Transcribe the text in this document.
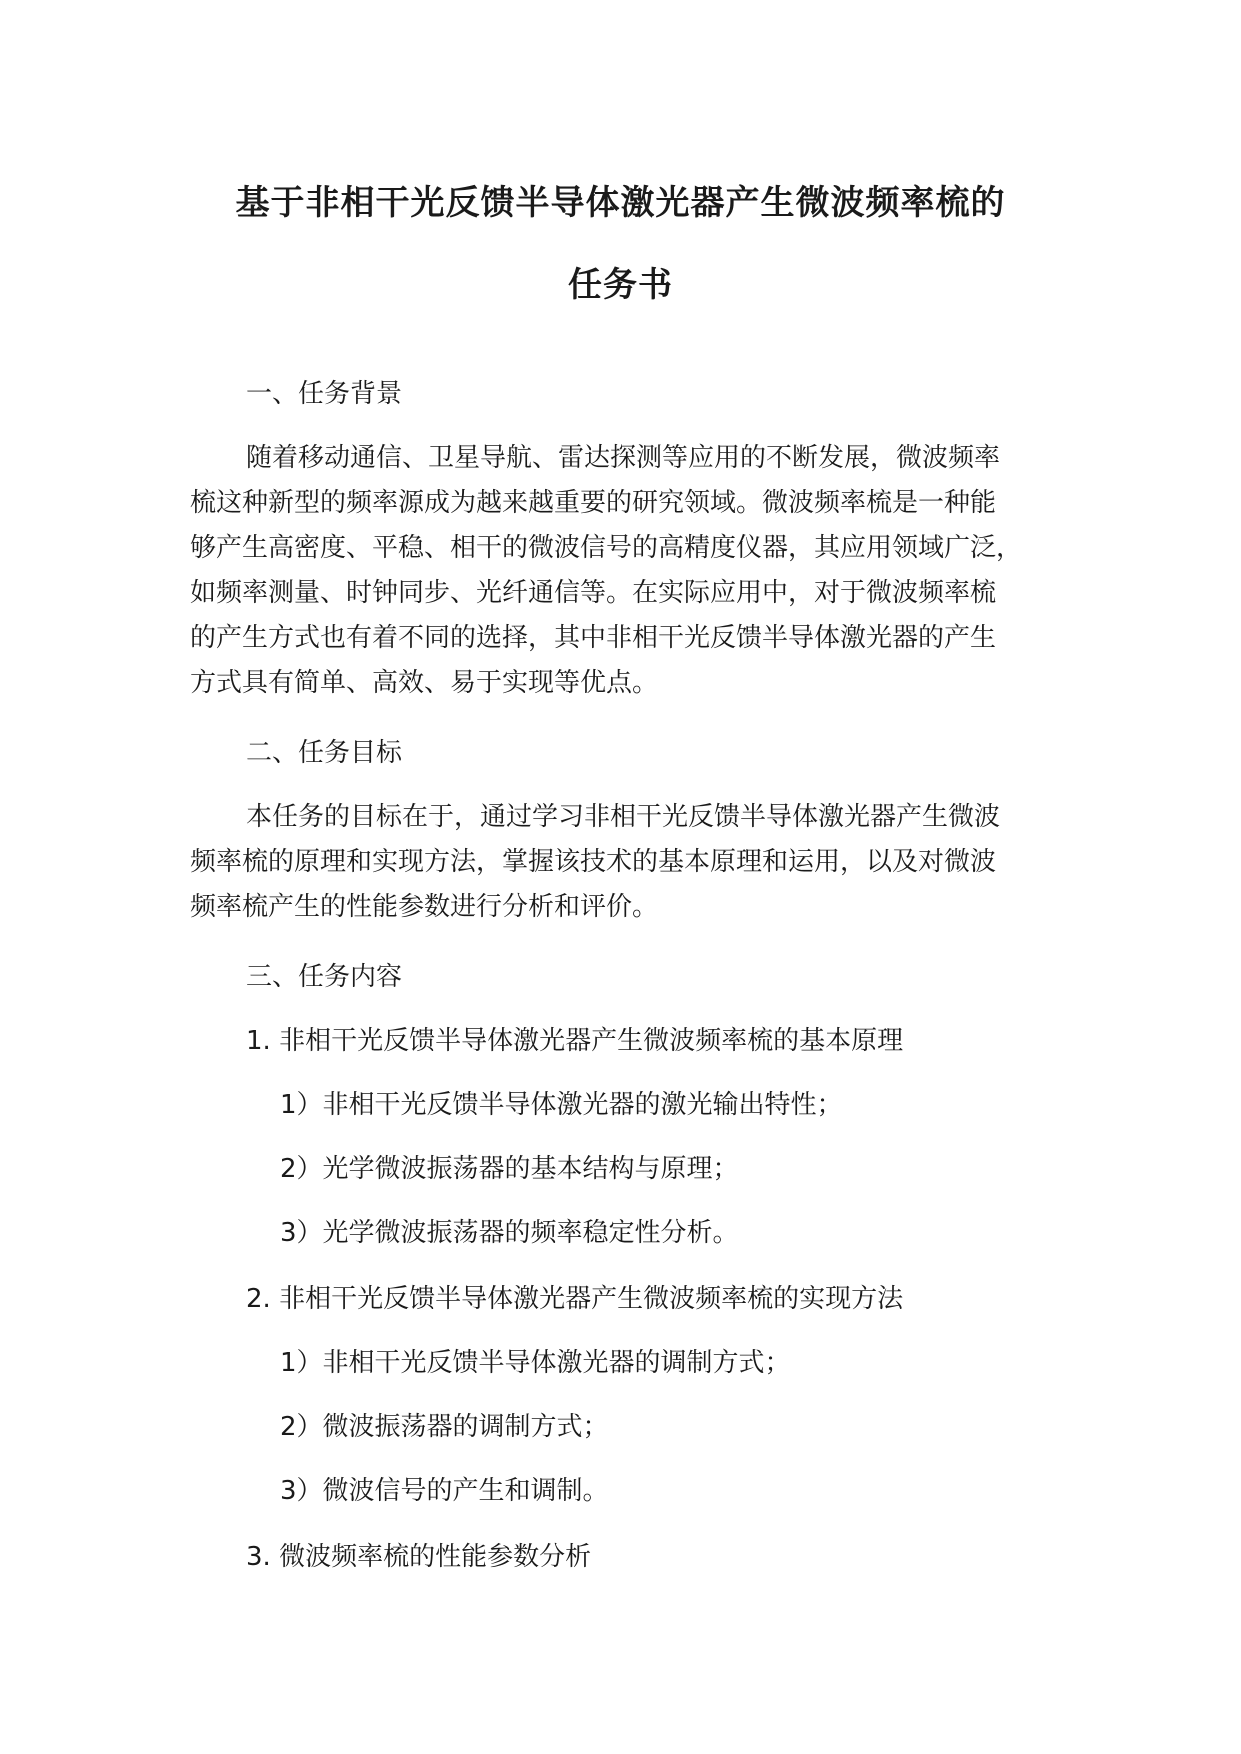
基于非相干光反馈半导体激光器产生微波频率梳的
任务书
一、任务背景
随着移动通信、卫星导航、雷达探测等应用的不断发展，微波频率
梳这种新型的频率源成为越来越重要的研究领域。微波频率梳是一种能
够产生高密度、平稳、相干的微波信号的高精度仪器，其应用领域广泛，
如频率测量、时钟同步、光纤通信等。在实际应用中，对于微波频率梳
的产生方式也有着不同的选择，其中非相干光反馈半导体激光器的产生
方式具有简单、高效、易于实现等优点。
二、任务目标
本任务的目标在于，通过学习非相干光反馈半导体激光器产生微波
频率梳的原理和实现方法，掌握该技术的基本原理和运用，以及对微波
频率梳产生的性能参数进行分析和评价。
三、任务内容
1. 非相干光反馈半导体激光器产生微波频率梳的基本原理
1）非相干光反馈半导体激光器的激光输出特性；
2）光学微波振荡器的基本结构与原理；
3）光学微波振荡器的频率稳定性分析。
2. 非相干光反馈半导体激光器产生微波频率梳的实现方法
1）非相干光反馈半导体激光器的调制方式；
2）微波振荡器的调制方式；
3）微波信号的产生和调制。
3. 微波频率梳的性能参数分析
